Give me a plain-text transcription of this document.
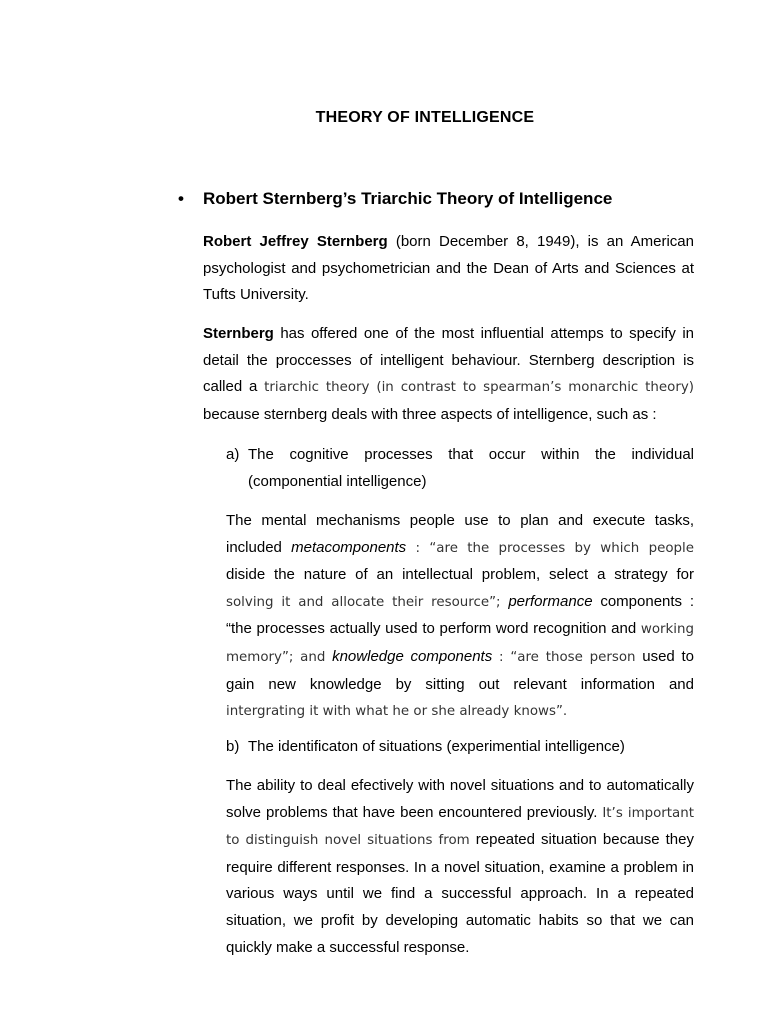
THEORY OF INTELLIGENCE
• Robert Sternberg’s Triarchic Theory of Intelligence
Robert Jeffrey Sternberg (born December 8, 1949), is an American psychologist and psychometrician and the Dean of Arts and Sciences at Tufts University.
Sternberg has offered one of the most influential attemps to specify in detail the proccesses of intelligent behaviour. Sternberg description is called a triarchic theory (in contrast to spearman’s monarchic theory) because sternberg deals with three aspects of intelligence, such as :
a) The cognitive processes that occur within the individual (componential intelligence)
The mental mechanisms people use to plan and execute tasks, included metacomponents : “are the processes by which people diside the nature of an intellectual problem, select a strategy for solving it and allocate their resource”; performance components : “the processes actually used to perform word recognition and working memory”; and knowledge components : “are those person used to gain new knowledge by sitting out relevant information and intergrating it with what he or she already knows”.
b) The identificaton of situations (experimential intelligence)
The ability to deal efectively with novel situations and to automatically solve problems that have been encountered previously. It’s important to distinguish novel situations from repeated situation because they require different responses. In a novel situation, examine a problem in various ways until we find a successful approach. In a repeated situation, we profit by developing automatic habits so that we can quickly make a successful response.
